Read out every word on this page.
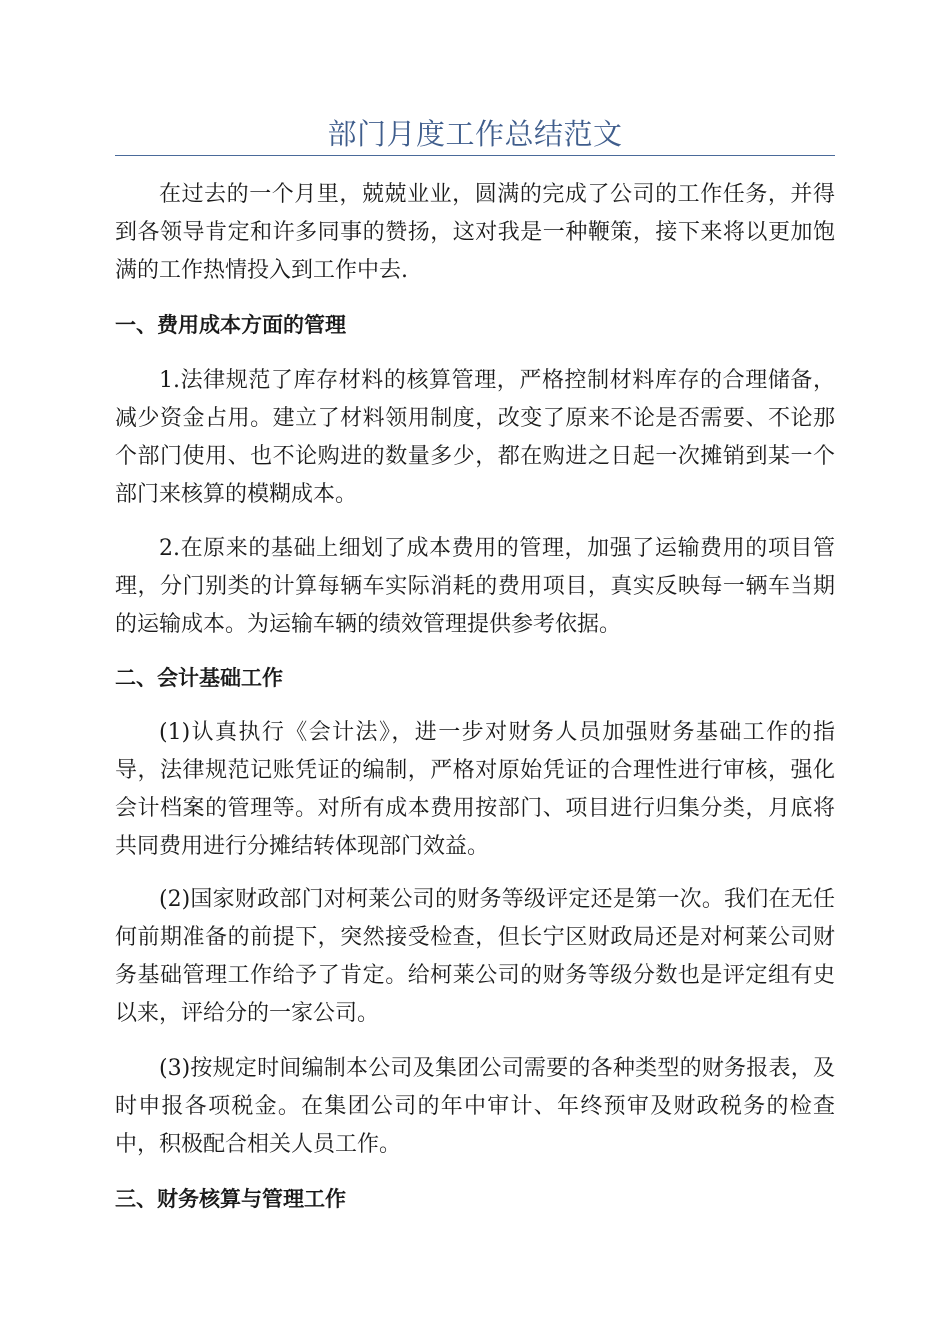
部门月度工作总结范文

在过去的一个月里，兢兢业业，圆满的完成了公司的工作任务，并得到各领导肯定和许多同事的赞扬，这对我是一种鞭策，接下来将以更加饱满的工作热情投入到工作中去.

一、费用成本方面的管理

1.法律规范了库存材料的核算管理，严格控制材料库存的合理储备，减少资金占用。建立了材料领用制度，改变了原来不论是否需要、不论那个部门使用、也不论购进的数量多少，都在购进之日起一次摊销到某一个部门来核算的模糊成本。

2.在原来的基础上细划了成本费用的管理，加强了运输费用的项目管理，分门别类的计算每辆车实际消耗的费用项目，真实反映每一辆车当期的运输成本。为运输车辆的绩效管理提供参考依据。

二、会计基础工作

(1)认真执行《会计法》，进一步对财务人员加强财务基础工作的指导，法律规范记账凭证的编制，严格对原始凭证的合理性进行审核，强化会计档案的管理等。对所有成本费用按部门、项目进行归集分类，月底将共同费用进行分摊结转体现部门效益。

(2)国家财政部门对柯莱公司的财务等级评定还是第一次。我们在无任何前期准备的前提下，突然接受检查，但长宁区财政局还是对柯莱公司财务基础管理工作给予了肯定。给柯莱公司的财务等级分数也是评定组有史以来，评给分的一家公司。

(3)按规定时间编制本公司及集团公司需要的各种类型的财务报表，及时申报各项税金。在集团公司的年中审计、年终预审及财政税务的检查中，积极配合相关人员工作。

三、财务核算与管理工作
